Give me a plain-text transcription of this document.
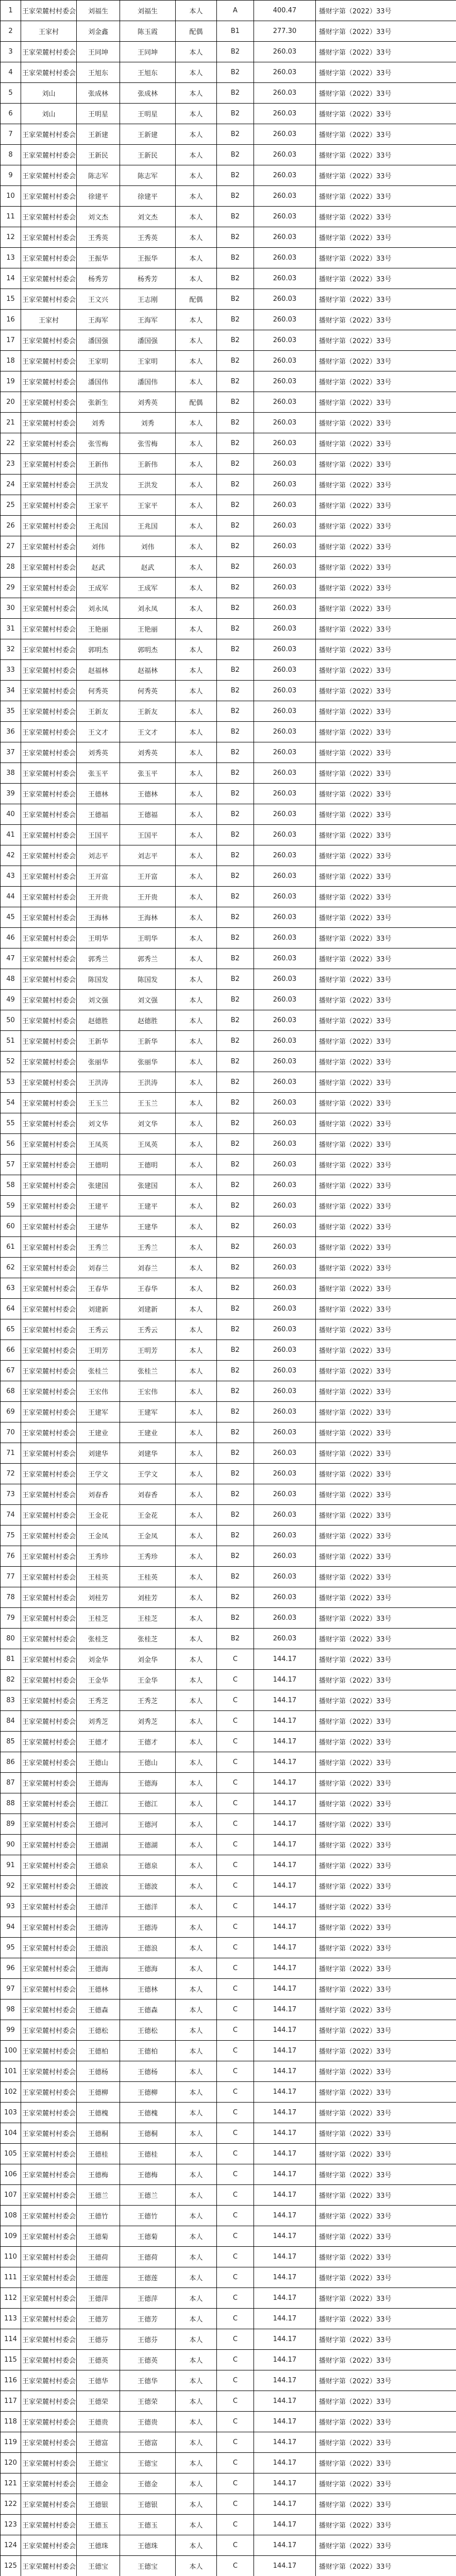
1	王家荣麓村村委会	刘福生	刘福生	本人	A	400.47	播财字第（2022）33号
2	王家村	刘金鑫	陈玉霞	配偶	B1	277.30	播财字第（2022）33号
3	王家荣麓村村委会	王同坤	王同坤	本人	B2	260.03	播财字第（2022）33号
4	王家荣麓村村委会	王旭东	王旭东	本人	B2	260.03	播财字第（2022）33号
5	刘山	张成林	张成林	本人	B2	260.03	播财字第（2022）33号
6	刘山	王明星	王明星	本人	B2	260.03	播财字第（2022）33号
7	王家荣麓村村委会	王新建	王新建	本人	B2	260.03	播财字第（2022）33号
8	王家荣麓村村委会	王新民	王新民	本人	B2	260.03	播财字第（2022）33号
9	王家荣麓村村委会	陈志军	陈志军	本人	B2	260.03	播财字第（2022）33号
10	王家荣麓村村委会	徐建平	徐建平	本人	B2	260.03	播财字第（2022）33号
11	王家荣麓村村委会	刘文杰	刘文杰	本人	B2	260.03	播财字第（2022）33号
12	王家荣麓村村委会	王秀英	王秀英	本人	B2	260.03	播财字第（2022）33号
13	王家荣麓村村委会	王振华	王振华	本人	B2	260.03	播财字第（2022）33号
14	王家荣麓村村委会	杨秀芳	杨秀芳	本人	B2	260.03	播财字第（2022）33号
15	王家荣麓村村委会	王文兴	王志刚	配偶	B2	260.03	播财字第（2022）33号
16	王家村	王海军	王海军	本人	B2	260.03	播财字第（2022）33号
17	王家荣麓村村委会	潘国强	潘国强	本人	B2	260.03	播财字第（2022）33号
18	王家荣麓村村委会	王家明	王家明	本人	B2	260.03	播财字第（2022）33号
19	王家荣麓村村委会	潘国伟	潘国伟	本人	B2	260.03	播财字第（2022）33号
20	王家荣麓村村委会	张新生	刘秀英	配偶	B2	260.03	播财字第（2022）33号
21	王家荣麓村村委会	刘秀	刘秀	本人	B2	260.03	播财字第（2022）33号
22	王家荣麓村村委会	张雪梅	张雪梅	本人	B2	260.03	播财字第（2022）33号
23	王家荣麓村村委会	王新伟	王新伟	本人	B2	260.03	播财字第（2022）33号
24	王家荣麓村村委会	王洪发	王洪发	本人	B2	260.03	播财字第（2022）33号
25	王家荣麓村村委会	王家平	王家平	本人	B2	260.03	播财字第（2022）33号
26	王家荣麓村村委会	王兆国	王兆国	本人	B2	260.03	播财字第（2022）33号
27	王家荣麓村村委会	刘伟	刘伟	本人	B2	260.03	播财字第（2022）33号
28	王家荣麓村村委会	赵武	赵武	本人	B2	260.03	播财字第（2022）33号
29	王家荣麓村村委会	王成军	王成军	本人	B2	260.03	播财字第（2022）33号
30	王家荣麓村村委会	刘永凤	刘永凤	本人	B2	260.03	播财字第（2022）33号
31	王家荣麓村村委会	王艳丽	王艳丽	本人	B2	260.03	播财字第（2022）33号
32	王家荣麓村村委会	郭明杰	郭明杰	本人	B2	260.03	播财字第（2022）33号
33	王家荣麓村村委会	赵福林	赵福林	本人	B2	260.03	播财字第（2022）33号
34	王家荣麓村村委会	何秀英	何秀英	本人	B2	260.03	播财字第（2022）33号
35	王家荣麓村村委会	王新友	王新友	本人	B2	260.03	播财字第（2022）33号
36	王家荣麓村村委会	王文才	王文才	本人	B2	260.03	播财字第（2022）33号
37	王家荣麓村村委会	刘秀英	刘秀英	本人	B2	260.03	播财字第（2022）33号
38	王家荣麓村村委会	张玉平	张玉平	本人	B2	260.03	播财字第（2022）33号
39	王家荣麓村村委会	王德林	王德林	本人	B2	260.03	播财字第（2022）33号
40	王家荣麓村村委会	王德福	王德福	本人	B2	260.03	播财字第（2022）33号
41	王家荣麓村村委会	王国平	王国平	本人	B2	260.03	播财字第（2022）33号
42	王家荣麓村村委会	刘志平	刘志平	本人	B2	260.03	播财字第（2022）33号
43	王家荣麓村村委会	王开富	王开富	本人	B2	260.03	播财字第（2022）33号
44	王家荣麓村村委会	王开贵	王开贵	本人	B2	260.03	播财字第（2022）33号
45	王家荣麓村村委会	王海林	王海林	本人	B2	260.03	播财字第（2022）33号
46	王家荣麓村村委会	王明华	王明华	本人	B2	260.03	播财字第（2022）33号
47	王家荣麓村村委会	郭秀兰	郭秀兰	本人	B2	260.03	播财字第（2022）33号
48	王家荣麓村村委会	陈国发	陈国发	本人	B2	260.03	播财字第（2022）33号
49	王家荣麓村村委会	刘文强	刘文强	本人	B2	260.03	播财字第（2022）33号
50	王家荣麓村村委会	赵德胜	赵德胜	本人	B2	260.03	播财字第（2022）33号
51	王家荣麓村村委会	王新华	王新华	本人	B2	260.03	播财字第（2022）33号
52	王家荣麓村村委会	张丽华	张丽华	本人	B2	260.03	播财字第（2022）33号
53	王家荣麓村村委会	王洪涛	王洪涛	本人	B2	260.03	播财字第（2022）33号
54	王家荣麓村村委会	王玉兰	王玉兰	本人	B2	260.03	播财字第（2022）33号
55	王家荣麓村村委会	刘文华	刘文华	本人	B2	260.03	播财字第（2022）33号
56	王家荣麓村村委会	王凤英	王凤英	本人	B2	260.03	播财字第（2022）33号
57	王家荣麓村村委会	王德明	王德明	本人	B2	260.03	播财字第（2022）33号
58	王家荣麓村村委会	张建国	张建国	本人	B2	260.03	播财字第（2022）33号
59	王家荣麓村村委会	王建平	王建平	本人	B2	260.03	播财字第（2022）33号
60	王家荣麓村村委会	王建华	王建华	本人	B2	260.03	播财字第（2022）33号
61	王家荣麓村村委会	王秀兰	王秀兰	本人	B2	260.03	播财字第（2022）33号
62	王家荣麓村村委会	刘春兰	刘春兰	本人	B2	260.03	播财字第（2022）33号
63	王家荣麓村村委会	王春华	王春华	本人	B2	260.03	播财字第（2022）33号
64	王家荣麓村村委会	刘建新	刘建新	本人	B2	260.03	播财字第（2022）33号
65	王家荣麓村村委会	王秀云	王秀云	本人	B2	260.03	播财字第（2022）33号
66	王家荣麓村村委会	王明芳	王明芳	本人	B2	260.03	播财字第（2022）33号
67	王家荣麓村村委会	张桂兰	张桂兰	本人	B2	260.03	播财字第（2022）33号
68	王家荣麓村村委会	王宏伟	王宏伟	本人	B2	260.03	播财字第（2022）33号
69	王家荣麓村村委会	王建军	王建军	本人	B2	260.03	播财字第（2022）33号
70	王家荣麓村村委会	王建业	王建业	本人	B2	260.03	播财字第（2022）33号
71	王家荣麓村村委会	刘建华	刘建华	本人	B2	260.03	播财字第（2022）33号
72	王家荣麓村村委会	王学文	王学文	本人	B2	260.03	播财字第（2022）33号
73	王家荣麓村村委会	刘春香	刘春香	本人	B2	260.03	播财字第（2022）33号
74	王家荣麓村村委会	王金花	王金花	本人	B2	260.03	播财字第（2022）33号
75	王家荣麓村村委会	王金凤	王金凤	本人	B2	260.03	播财字第（2022）33号
76	王家荣麓村村委会	王秀珍	王秀珍	本人	B2	260.03	播财字第（2022）33号
77	王家荣麓村村委会	王桂英	王桂英	本人	B2	260.03	播财字第（2022）33号
78	王家荣麓村村委会	刘桂芳	刘桂芳	本人	B2	260.03	播财字第（2022）33号
79	王家荣麓村村委会	王桂芝	王桂芝	本人	B2	260.03	播财字第（2022）33号
80	王家荣麓村村委会	张桂芝	张桂芝	本人	B2	260.03	播财字第（2022）33号
81	王家荣麓村村委会	刘金华	刘金华	本人	C	144.17	播财字第（2022）33号
82	王家荣麓村村委会	王金华	王金华	本人	C	144.17	播财字第（2022）33号
83	王家荣麓村村委会	王秀芝	王秀芝	本人	C	144.17	播财字第（2022）33号
84	王家荣麓村村委会	刘秀芝	刘秀芝	本人	C	144.17	播财字第（2022）33号
85	王家荣麓村村委会	王德才	王德才	本人	C	144.17	播财字第（2022）33号
86	王家荣麓村村委会	王德山	王德山	本人	C	144.17	播财字第（2022）33号
87	王家荣麓村村委会	王德海	王德海	本人	C	144.17	播财字第（2022）33号
88	王家荣麓村村委会	王德江	王德江	本人	C	144.17	播财字第（2022）33号
89	王家荣麓村村委会	王德河	王德河	本人	C	144.17	播财字第（2022）33号
90	王家荣麓村村委会	王德湖	王德湖	本人	C	144.17	播财字第（2022）33号
91	王家荣麓村村委会	王德泉	王德泉	本人	C	144.17	播财字第（2022）33号
92	王家荣麓村村委会	王德波	王德波	本人	C	144.17	播财字第（2022）33号
93	王家荣麓村村委会	王德洋	王德洋	本人	C	144.17	播财字第（2022）33号
94	王家荣麓村村委会	王德涛	王德涛	本人	C	144.17	播财字第（2022）33号
95	王家荣麓村村委会	王德浪	王德浪	本人	C	144.17	播财字第（2022）33号
96	王家荣麓村村委会	王德海	王德海	本人	C	144.17	播财字第（2022）33号
97	王家荣麓村村委会	王德林	王德林	本人	C	144.17	播财字第（2022）33号
98	王家荣麓村村委会	王德森	王德森	本人	C	144.17	播财字第（2022）33号
99	王家荣麓村村委会	王德松	王德松	本人	C	144.17	播财字第（2022）33号
100	王家荣麓村村委会	王德柏	王德柏	本人	C	144.17	播财字第（2022）33号
101	王家荣麓村村委会	王德杨	王德杨	本人	C	144.17	播财字第（2022）33号
102	王家荣麓村村委会	王德柳	王德柳	本人	C	144.17	播财字第（2022）33号
103	王家荣麓村村委会	王德槐	王德槐	本人	C	144.17	播财字第（2022）33号
104	王家荣麓村村委会	王德桐	王德桐	本人	C	144.17	播财字第（2022）33号
105	王家荣麓村村委会	王德桂	王德桂	本人	C	144.17	播财字第（2022）33号
106	王家荣麓村村委会	王德梅	王德梅	本人	C	144.17	播财字第（2022）33号
107	王家荣麓村村委会	王德兰	王德兰	本人	C	144.17	播财字第（2022）33号
108	王家荣麓村村委会	王德竹	王德竹	本人	C	144.17	播财字第（2022）33号
109	王家荣麓村村委会	王德菊	王德菊	本人	C	144.17	播财字第（2022）33号
110	王家荣麓村村委会	王德荷	王德荷	本人	C	144.17	播财字第（2022）33号
111	王家荣麓村村委会	王德莲	王德莲	本人	C	144.17	播财字第（2022）33号
112	王家荣麓村村委会	王德萍	王德萍	本人	C	144.17	播财字第（2022）33号
113	王家荣麓村村委会	王德芳	王德芳	本人	C	144.17	播财字第（2022）33号
114	王家荣麓村村委会	王德芬	王德芬	本人	C	144.17	播财字第（2022）33号
115	王家荣麓村村委会	王德英	王德英	本人	C	144.17	播财字第（2022）33号
116	王家荣麓村村委会	王德华	王德华	本人	C	144.17	播财字第（2022）33号
117	王家荣麓村村委会	王德荣	王德荣	本人	C	144.17	播财字第（2022）33号
118	王家荣麓村村委会	王德贵	王德贵	本人	C	144.17	播财字第（2022）33号
119	王家荣麓村村委会	王德富	王德富	本人	C	144.17	播财字第（2022）33号
120	王家荣麓村村委会	王德宝	王德宝	本人	C	144.17	播财字第（2022）33号
121	王家荣麓村村委会	王德金	王德金	本人	C	144.17	播财字第（2022）33号
122	王家荣麓村村委会	王德银	王德银	本人	C	144.17	播财字第（2022）33号
123	王家荣麓村村委会	王德玉	王德玉	本人	C	144.17	播财字第（2022）33号
124	王家荣麓村村委会	王德珠	王德珠	本人	C	144.17	播财字第（2022）33号
125	王家荣麓村村委会	王德宝	王德宝	本人	C	144.17	播财字第（2022）33号
